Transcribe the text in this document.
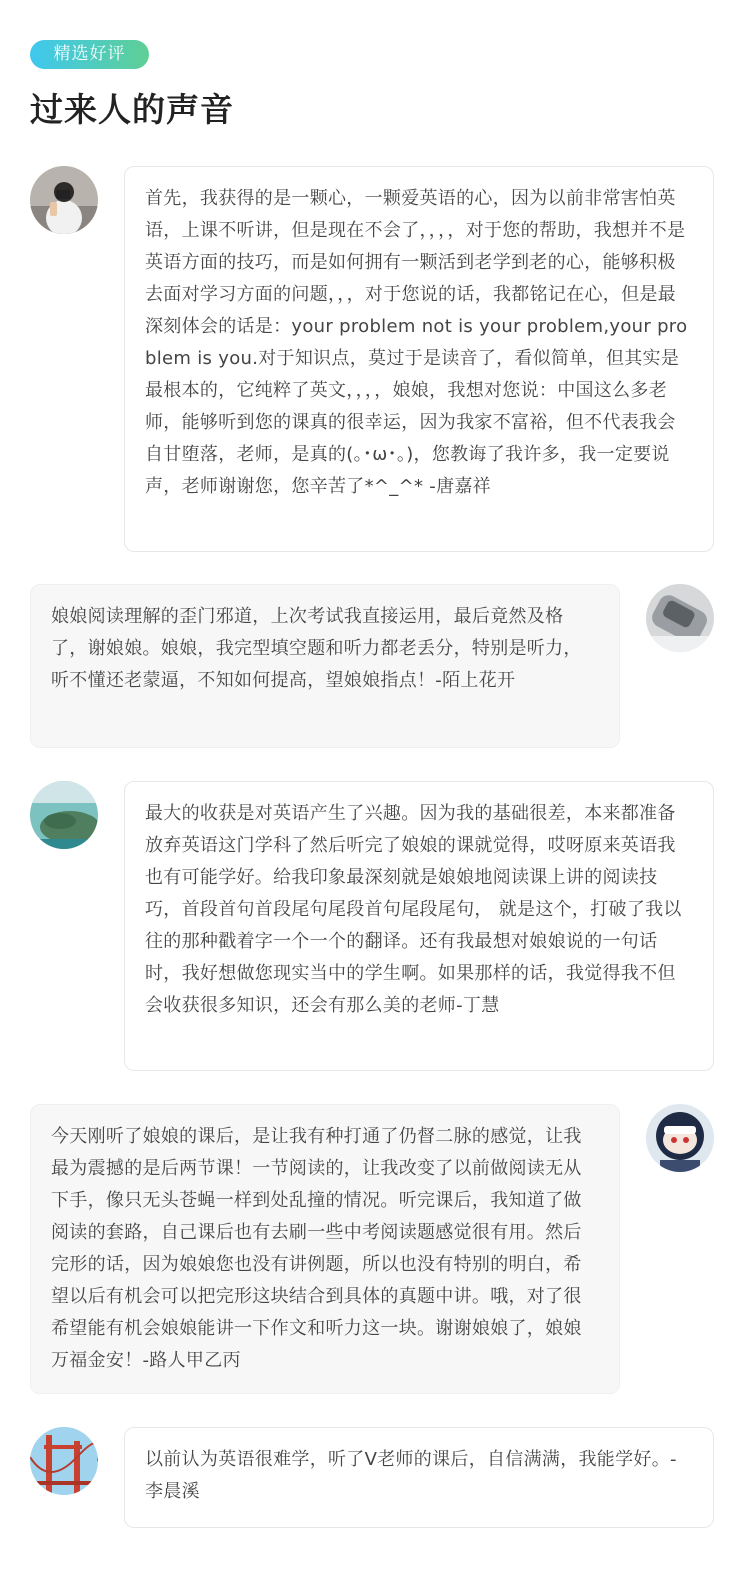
精选好评
过来人的声音
首先，我获得的是一颗心，一颗爱英语的心，因为以前非常害怕英语，上课不听讲，但是现在不会了，，，，对于您的帮助，我想并不是英语方面的技巧，而是如何拥有一颗活到老学到老的心，能够积极去面对学习方面的问题，，，对于您说的话，我都铭记在心，但是最深刻体会的话是：your problem not is your problem,your problem is you.对于知识点，莫过于是读音了，看似简单，但其实是最根本的，它纯粹了英文，，，，娘娘，我想对您说：中国这么多老师，能够听到您的课真的很幸运，因为我家不富裕，但不代表我会自甘堕落，老师，是真的(｡･ω･｡)，您教诲了我许多，我一定要说声，老师谢谢您，您辛苦了*^_^* -唐嘉祥
娘娘阅读理解的歪门邪道，上次考试我直接运用，最后竟然及格了，谢娘娘。娘娘，我完型填空题和听力都老丢分，特别是听力，听不懂还老蒙逼，不知如何提高，望娘娘指点！-陌上花开
最大的收获是对英语产生了兴趣。因为我的基础很差，本来都准备放弃英语这门学科了然后听完了娘娘的课就觉得，哎呀原来英语我也有可能学好。给我印象最深刻就是娘娘地阅读课上讲的阅读技巧，首段首句首段尾句尾段首句尾段尾句， 就是这个，打破了我以往的那种戳着字一个一个的翻译。还有我最想对娘娘说的一句话时，我好想做您现实当中的学生啊。如果那样的话，我觉得我不但会收获很多知识，还会有那么美的老师-丁慧
今天刚听了娘娘的课后，是让我有种打通了仍督二脉的感觉，让我最为震撼的是后两节课！一节阅读的，让我改变了以前做阅读无从下手，像只无头苍蝇一样到处乱撞的情况。听完课后，我知道了做阅读的套路，自己课后也有去刷一些中考阅读题感觉很有用。然后完形的话，因为娘娘您也没有讲例题，所以也没有特别的明白，希望以后有机会可以把完形这块结合到具体的真题中讲。哦，对了很希望能有机会娘娘能讲一下作文和听力这一块。谢谢娘娘了，娘娘万福金安！-路人甲乙丙
以前认为英语很难学，听了V老师的课后，自信满满，我能学好。-李晨溪
